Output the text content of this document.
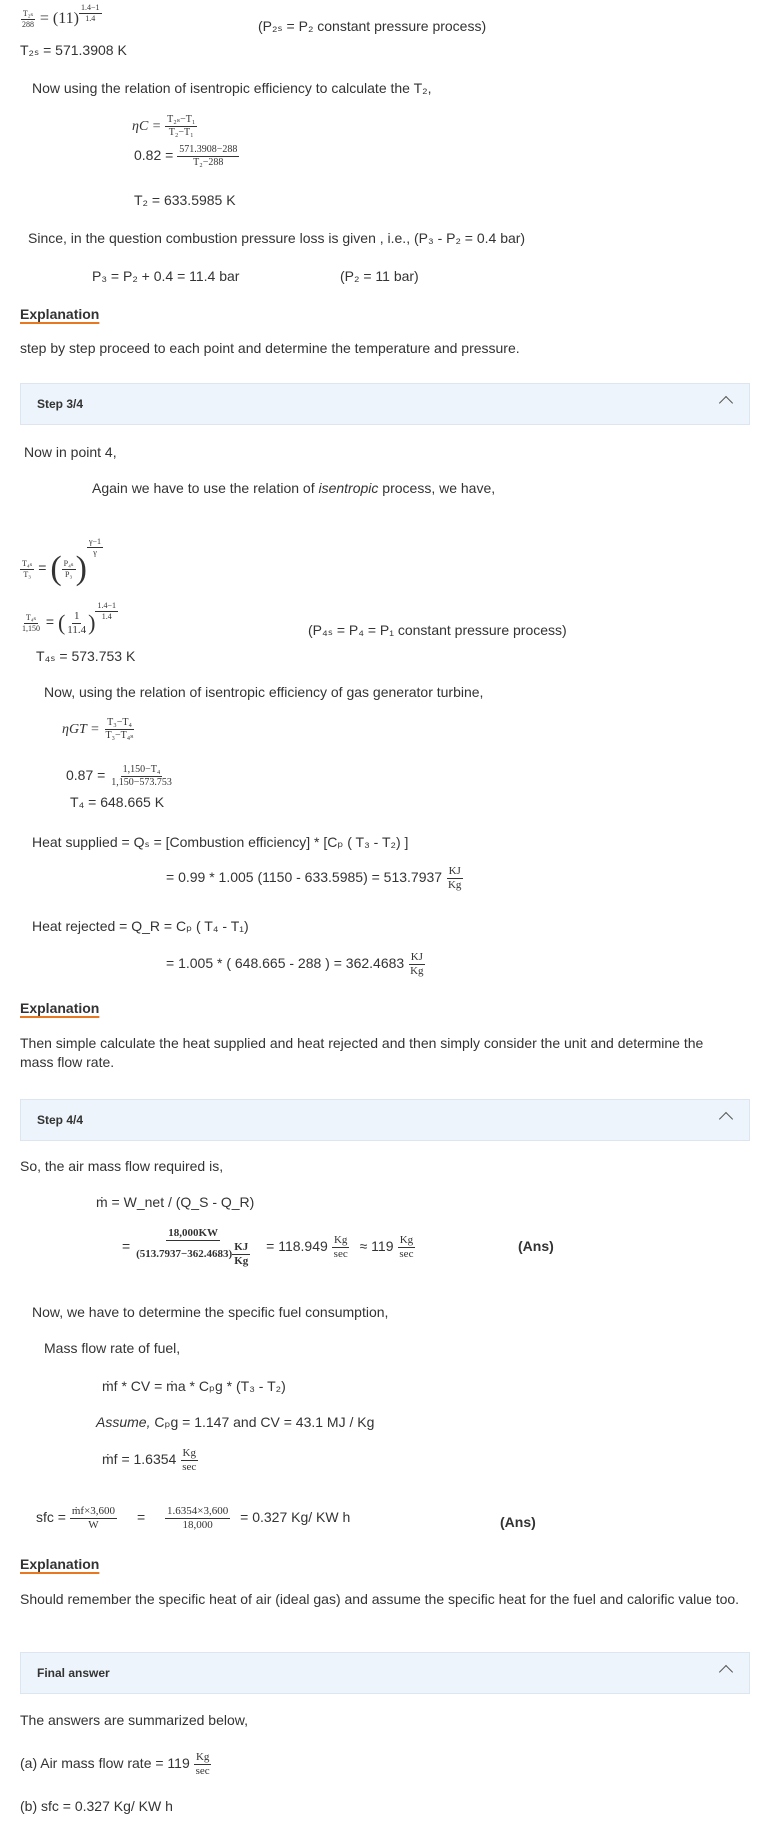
$\frac{\text{T₂ₛ}}{288} = (11) \frac{1.4-1}{1.4}$
(P₂ₛ = P₂ constant pressure process)
T₂ₛ = 571.3908 K
Now using the relation of isentropic efficiency to calculate the T₂,
$\eta C = \frac{\text{T₂ₛ−T₁}}{\text{T₂−T₁}}$
$0.82 = \frac{571.3908-288}{\text{T₂−288}}$
T₂ = 633.5985 K
Since, in the question combustion pressure loss is given , i.e., (P₃ - P₂ = 0.4 bar)
P₃ = P₂ + 0.4 = 11.4 bar	(P₂ = 11 bar)
Explanation
step by step proceed to each point and determine the temperature and pressure.
Step 3/4
Now in point 4,
Again we have to use the relation of isentropic process, we have,
$\frac{\text{T₄ₛ}}{\text{T₃}}$ = ( $\frac{\text{P₄ₛ}}{\text{P₃}}$ )
$\frac{\gamma-1}{\gamma}$
$\frac{\text{T₄ₛ}}{1,150}$ = ( $\frac{1}{11.4}$ ) $\frac{1.4-1}{1.4}$
(P₄ₛ = P₄ = P₁ constant pressure process)
T₄ₛ = 573.753 K
Now, using the relation of isentropic efficiency of gas generator turbine,
$\eta GT = \frac{\text{T₃−T₄}}{\text{T₃−T₄ₛ}}$
$0.87 = \frac{\text{1,150−T₄}}{1,150-573.753}$
T₄ = 648.665 K
Heat supplied = Qₛ = [Combustion efficiency] * [Cₚ ( T₃ - T₂) ]
= 0.99 * 1.005 $(1150 - 633.5985) = 513.7937 \frac{KJ}{Kg}$
Heat rejected = Q_R = Cₚ ( T₄ - T₁)
= 1.005 * ( 648.665 - 288 ) = $362.4683 \frac{KJ}{Kg}$
Explanation
Then simple calculate the heat supplied and heat rejected and then simply consider the unit and determine the mass flow rate.
Step 4/4
So, the air mass flow required is,
ṁ = W_net / (Q_S - Q_R)
= $\frac{18,000KW}{(513.7937-362.4683) \frac{KJ}{Kg}} = 118.949 \frac{Kg}{\sec} \approx 119 \frac{Kg}{\sec}$	(Ans)
Now, we have to determine the specific fuel consumption,
Mass flow rate of fuel,
ṁf * CV = ṁa * Cₚg * (T₃ - T₂)
Assume, Cₚg = 1.147 and CV = 43.1 MJ / Kg
ṁf = $1.6354 \frac{Kg}{\sec}$
sfc = $\frac{\text{ṁf×3,600}}{W} = \frac{1.6354\times 3,600}{18,000} = 0.327$ Kg/ KW h	(Ans)
Explanation
Should remember the specific heat of air (ideal gas) and assume the specific heat for the fuel and calorific value too.
Final answer
The answers are summarized below,
(a) Air mass flow rate = $119 \frac{Kg}{\sec}$
(b) sfc = 0.327 Kg/ KW h
